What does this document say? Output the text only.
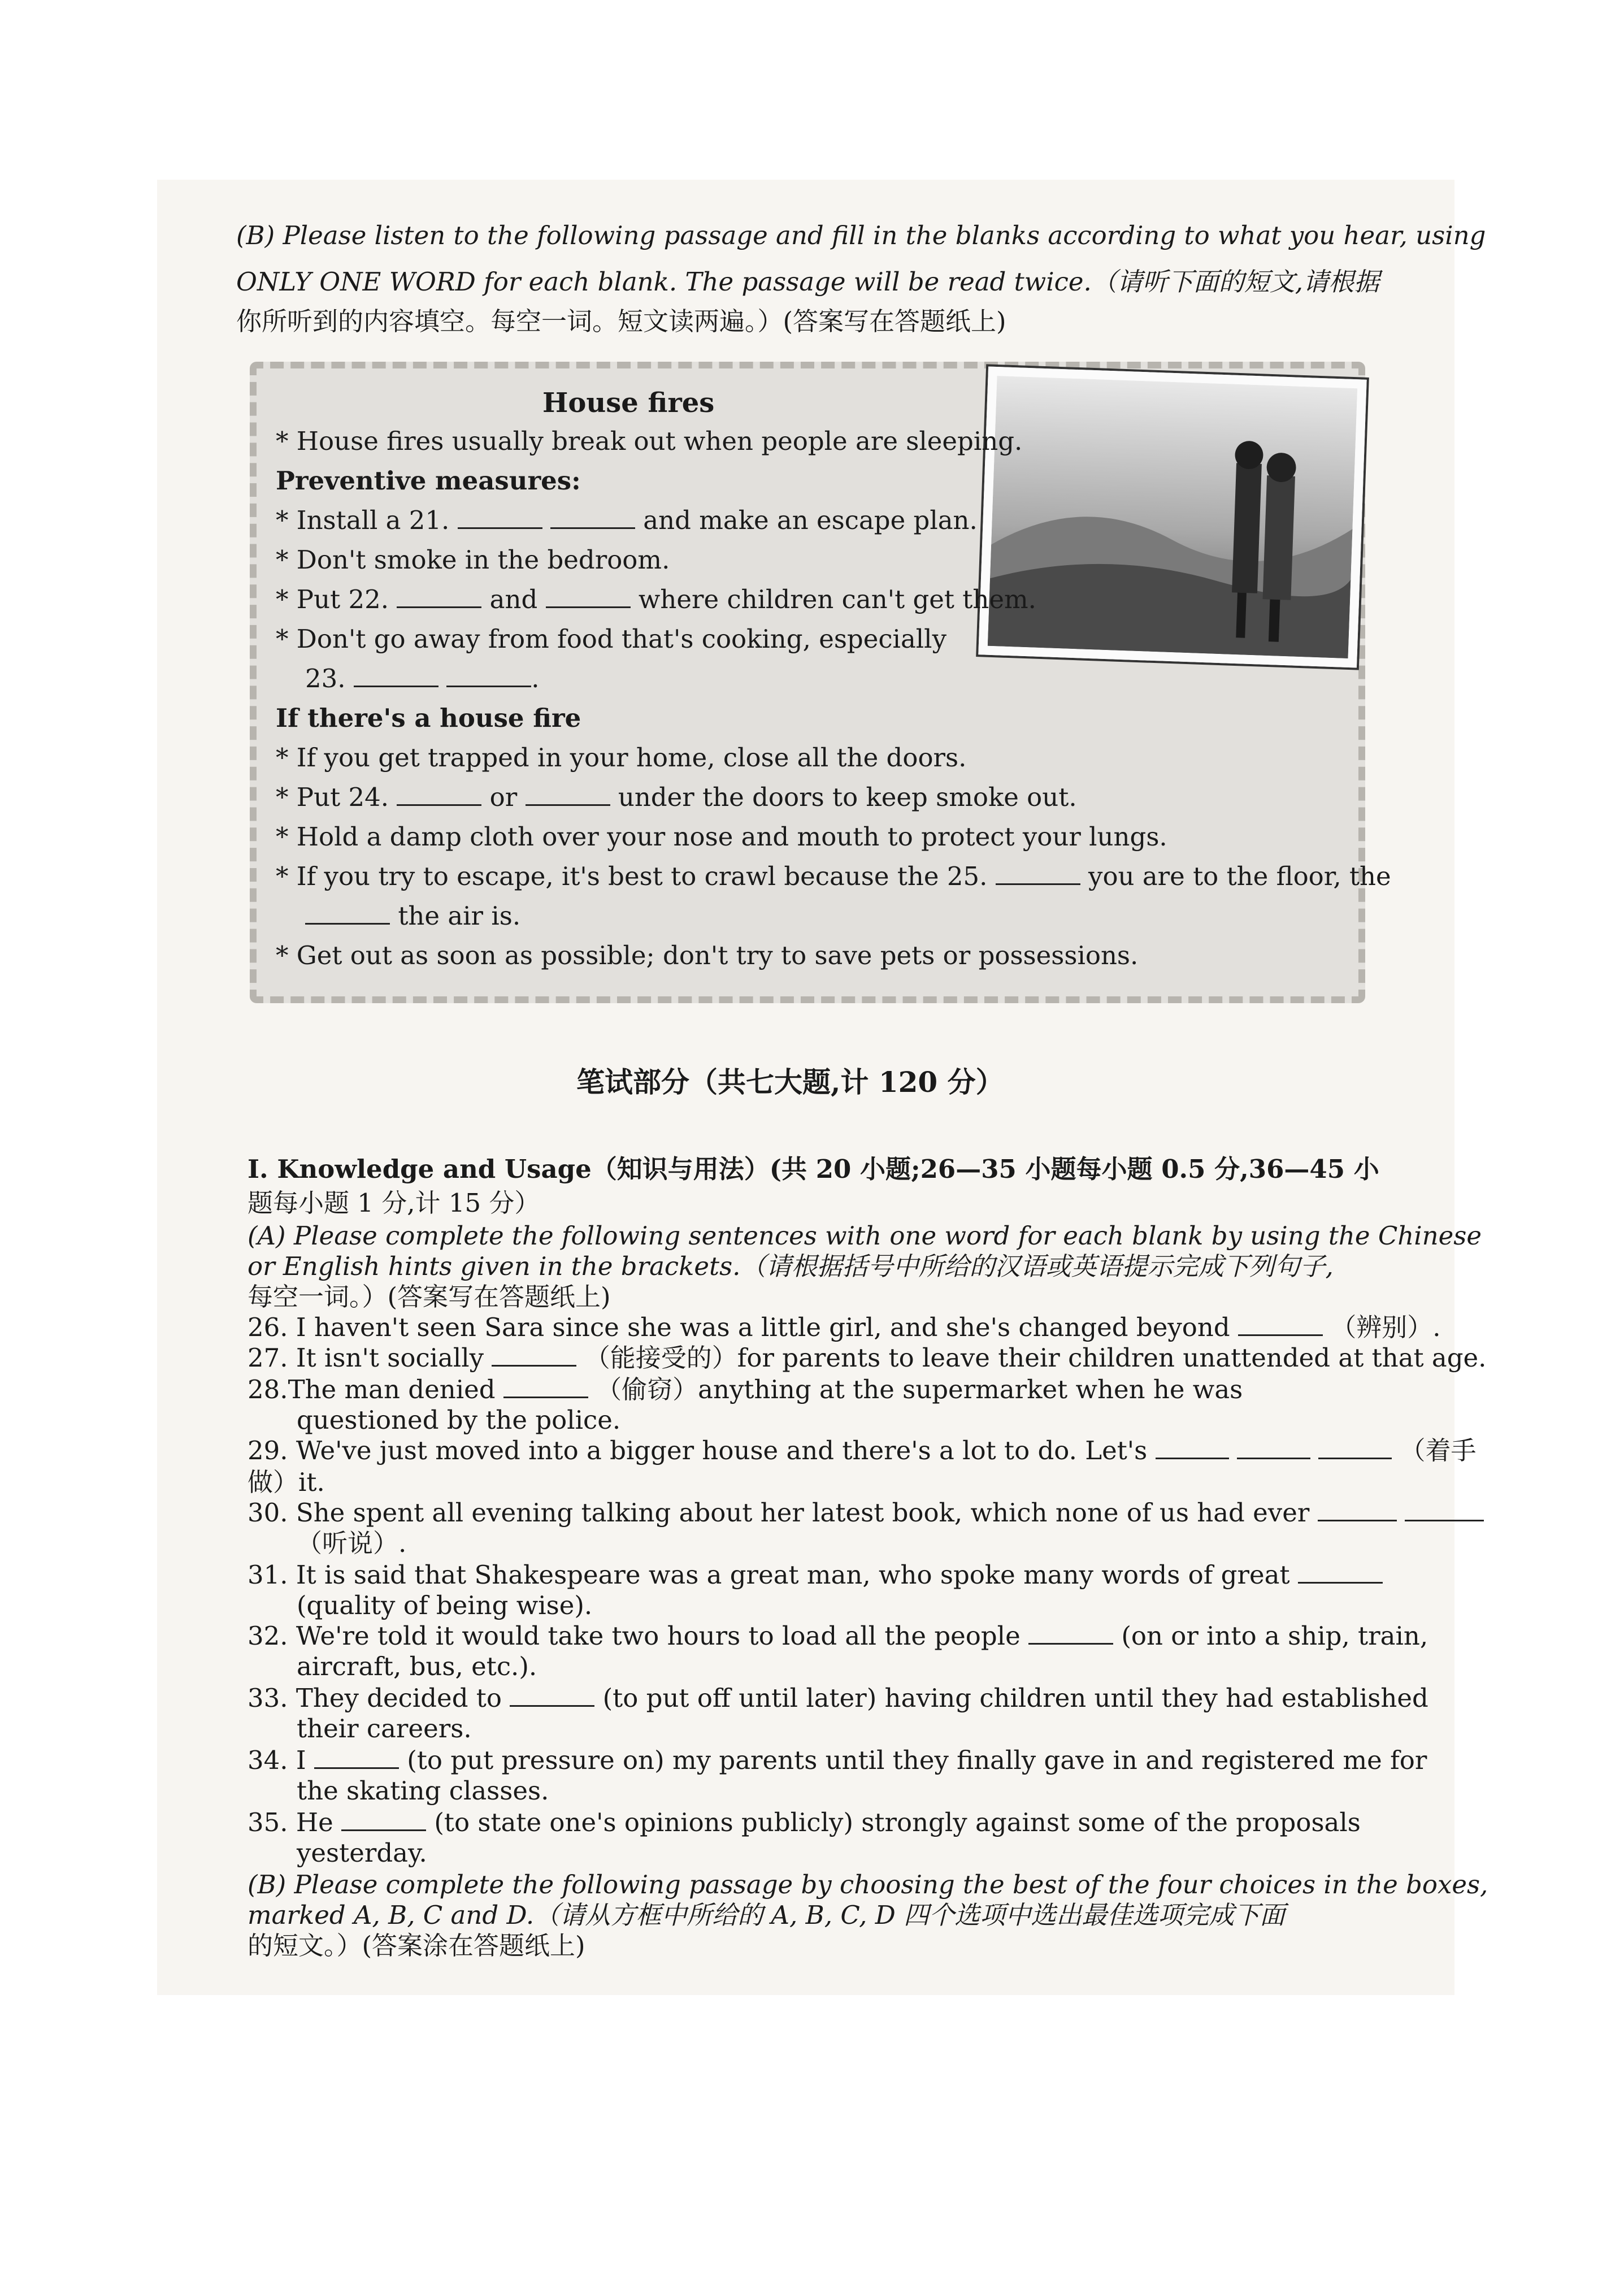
(B) Please listen to the following passage and fill in the blanks according to what you hear, using
ONLY ONE WORD for each blank. The passage will be read twice.（请听下面的短文,请根据
你所听到的内容填空。每空一词。短文读两遍。）(答案写在答题纸上)
House fires
* House fires usually break out when people are sleeping.
Preventive measures:
* Install a 21.	and make an escape plan.
* Don't smoke in the bedroom.
* Put 22.	and	where children can't get them.
* Don't go away from food that's cooking, especially
23.	.
If there's a house fire
* If you get trapped in your home, close all the doors.
* Put 24.	or	under the doors to keep smoke out.
* Hold a damp cloth over your nose and mouth to protect your lungs.
* If you try to escape, it's best to crawl because the 25.	you are to the floor, the
the air is.
* Get out as soon as possible; don't try to save pets or possessions.
笔试部分（共七大题,计 120 分）
I. Knowledge and Usage（知识与用法）(共 20 小题;26—35 小题每小题 0.5 分,36—45 小
题每小题 1 分,计 15 分）
(A) Please complete the following sentences with one word for each blank by using the Chinese
or English hints given in the brackets.（请根据括号中所给的汉语或英语提示完成下列句子,
每空一词。）(答案写在答题纸上)
26. I haven't seen Sara since she was a little girl, and she's changed beyond	（辨别）.
27. It isn't socially	（能接受的）for parents to leave their children unattended at that age.
28.The man denied	（偷窃）anything at the supermarket when he was
questioned by the police.
29. We've just moved into a bigger house and there's a lot to do. Let's	（着手
做）it.
30. She spent all evening talking about her latest book, which none of us had ever
（听说）.
31. It is said that Shakespeare was a great man, who spoke many words of great
(quality of being wise).
32. We're told it would take two hours to load all the people	(on or into a ship, train,
aircraft, bus, etc.).
33. They decided to	(to put off until later) having children until they had established
their careers.
34. I	(to put pressure on) my parents until they finally gave in and registered me for
the skating classes.
35. He	(to state one's opinions publicly) strongly against some of the proposals
yesterday.
(B) Please complete the following passage by choosing the best of the four choices in the boxes,
marked A, B, C and D.（请从方框中所给的 A, B, C, D 四个选项中选出最佳选项完成下面
的短文。）(答案涂在答题纸上)
